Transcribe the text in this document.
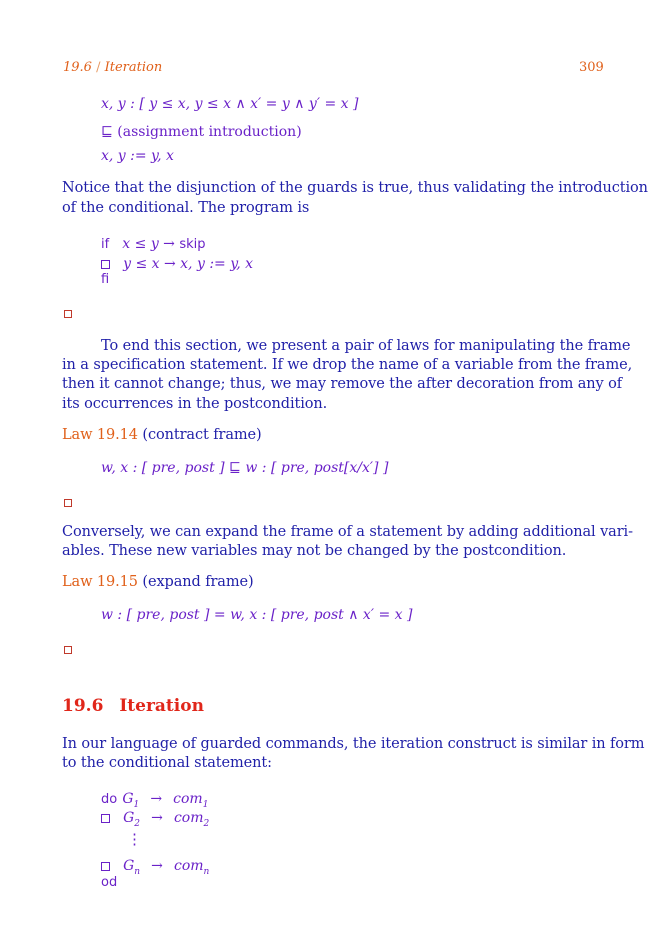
19.6 / Iteration	309
x, y : [ y ≤ x, y ≤ x ∧ x′ = y ∧ y′ = x ]
⊑ (assignment introduction)
x, y := y, x
Notice that the disjunction of the guards is true, thus validating the introduction
of the conditional. The program is
if x ≤ y → skip
y ≤ x → x, y := y, x
fi
To end this section, we present a pair of laws for manipulating the frame
in a specification statement. If we drop the name of a variable from the frame,
then it cannot change; thus, we may remove the after decoration from any of
its occurrences in the postcondition.
Law 19.14 (contract frame)
w, x : [ pre, post ] ⊑ w : [ pre, post[x/x′] ]
Conversely, we can expand the frame of a statement by adding additional vari-
ables. These new variables may not be changed by the postcondition.
Law 19.15 (expand frame)
w : [ pre, post ] = w, x : [ pre, post ∧ x′ = x ]
19.6 Iteration
In our language of guarded commands, the iteration construct is similar in form
to the conditional statement:
do $G_1 \to com_1$
$G_2 \to com_2$
⋮
$G_n \to com_n$
od
